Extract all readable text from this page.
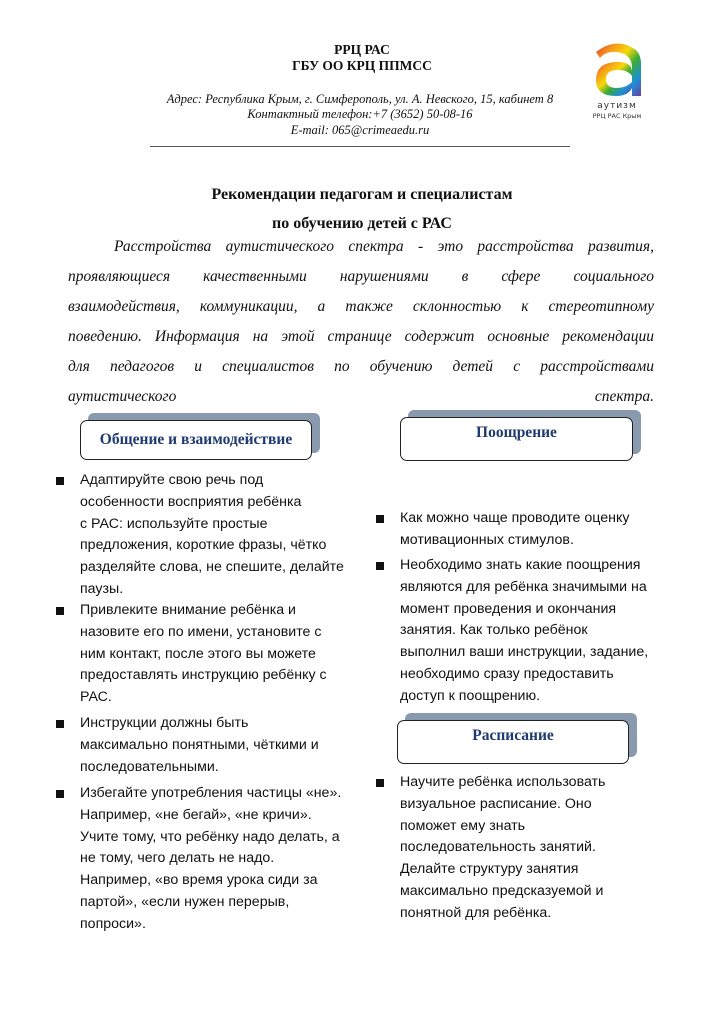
РРЦ РАС
ГБУ ОО КРЦ ППМСС
Адрес: Республика Крым, г. Симферополь, ул. А. Невского, 15, кабинет 8
Контактный телефон:+7 (3652) 50-08-16
E-mail: 065@crimeaedu.ru
аутизм
РРЦ РАС Крым
Рекомендации педагогам и специалистам
по обучению детей с РАС
Расстройства аутистического спектра - это расстройства развития,
проявляющиеся качественными нарушениями в сфере социального
взаимодействия, коммуникации, а также склонностью к стереотипному
поведению. Информация на этой странице содержит основные рекомендации
для педагогов и специалистов по обучению детей с расстройствами
аутистического	спектра.
Общение и взаимодействие	Поощрение
Расписание
Адаптируйте свою речь под
особенности восприятия ребёнка
с РАС: используйте простые
предложения, короткие фразы, чётко
разделяйте слова, не спешите, делайте
паузы.
Привлеките внимание ребёнка и
назовите его по имени, установите с
ним контакт, после этого вы можете
предоставлять инструкцию ребёнку с
РАС.
Инструкции должны быть
максимально понятными, чёткими и
последовательными.
Избегайте употребления частицы «не».
Например, «не бегай», «не кричи».
Учите тому, что ребёнку надо делать, а
не тому, чего делать не надо.
Например, «во время урока сиди за
партой», «если нужен перерыв,
попроси».
Как можно чаще проводите оценку
мотивационных стимулов.
Необходимо знать какие поощрения
являются для ребёнка значимыми на
момент проведения и окончания
занятия. Как только ребёнок
выполнил ваши инструкции, задание,
необходимо сразу предоставить
доступ к поощрению.
Научите ребёнка использовать
визуальное расписание. Оно
поможет ему знать
последовательность занятий.
Делайте структуру занятия
максимально предсказуемой и
понятной для ребёнка.
